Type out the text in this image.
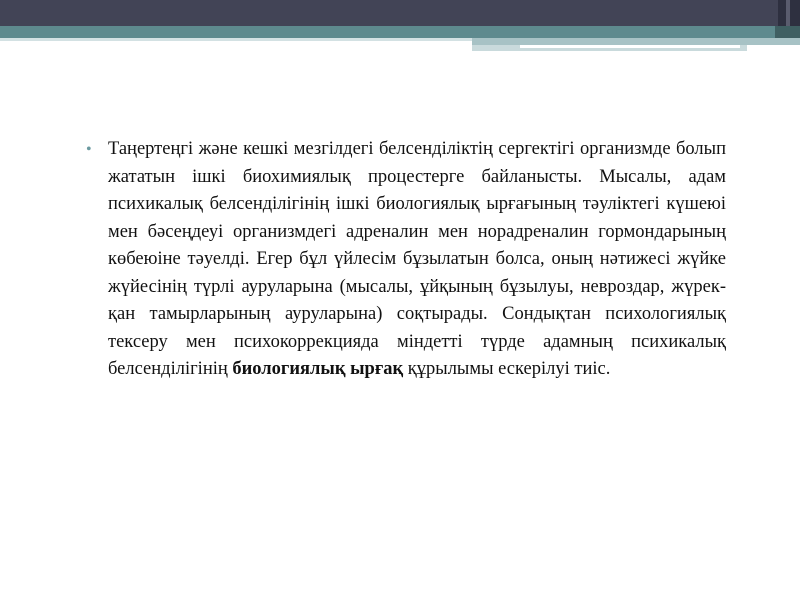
• Таңертеңгі және кешкі мезгілдегі белсенділіктің сергектігі организмде болып жататын ішкі биохимиялық процестерге байланысты. Мысалы, адам психикалық белсенділігінің ішкі биологиялық ырғағының тәуліктегі күшеюі мен бәсеңдеуі организмдегі адреналин мен норадреналин гормондарының көбеюіне тәуелді. Егер бұл үйлесім бұзылатын болса, оның нәтижесі жүйке жүйесінің түрлі ауруларына (мысалы, ұйқының бұзылуы, невроздар, жүрек-қан тамырларының ауруларына) соқтырады. Сондықтан психологиялық тексеру мен психокоррекцияда міндетті түрде адамның психикалық белсенділігінің биологиялық ырғақ құрылымы ескерілуі тиіс.
